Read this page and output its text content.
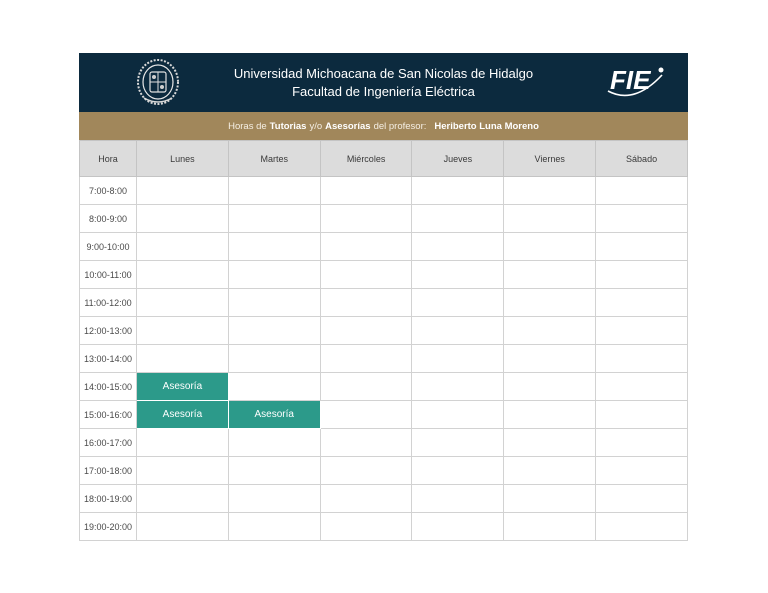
Universidad Michoacana de San Nicolas de Hidalgo
Facultad de Ingeniería Eléctrica	FIE
Horas de Tutorias y/o Asesorías del profesor: Heriberto Luna Moreno
Hora	Lunes	Martes	Miércoles	Jueves	Viernes	Sábado
7:00-8:00						
8:00-9:00						
9:00-10:00						
10:00-11:00						
11:00-12:00						
12:00-13:00						
13:00-14:00						
14:00-15:00	Asesoría					
15:00-16:00	Asesoría	Asesoría				
16:00-17:00						
17:00-18:00						
18:00-19:00						
19:00-20:00						
